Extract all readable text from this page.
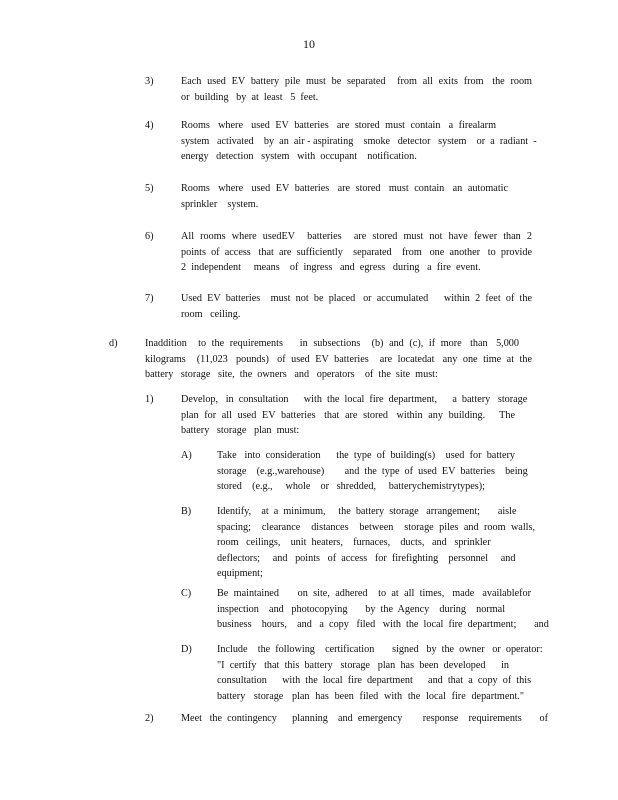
10
3)	Each  used  EV  battery  pile  must  be  separated    from  all  exits  from   the  room
or  building   by  at  least   5  feet.
4)	Rooms   where   used  EV  batteries   are  stored  must  contain   a  firealarm
system   activated    by  an  air - aspirating    smoke   detector   system    or  a  radiant  -
energy   detection   system   with  occupant    notification.
5)	Rooms   where   used  EV  batteries   are  stored   must  contain   an  automatic
sprinkler    system.
6)	All  rooms  where  usedEV    batteries    are  stored  must  not  have  fewer  than  2
points  of  access   that  are  sufficiently    separated    from   one  another   to  provide
2  independent     means    of  ingress   and  egress   during   a  fire  event.
7)	Used  EV  batteries    must  not  be  placed   or  accumulated      within  2  feet  of  the
room   ceiling.
d)	Inaddition    to  the  requirements      in  subsections    (b)  and  (c),  if  more   than   5,000
kilograms    (11,023   pounds)   of  used  EV  batteries    are  locatedat   any  one  time  at  the
battery   storage   site,  the  owners   and   operators    of  the  site  must:
1)	Develop,   in  consultation      with  the  local  fire  department,      a  battery   storage
plan  for  all  used  EV  batteries   that  are  stored   within  any  building.     The
battery   storage   plan  must:
A) Take   into  consideration      the  type  of  building(s)    used  for  battery
storage    (e.g.,warehouse)        and  the  type  of  used  EV  batteries    being
stored    (e.g.,     whole    or   shredded,     batterychemistrytypes);
B)	Identify,    at  a  minimum,     the  battery  storage   arrangement;       aisle
spacing;    clearance    distances    between    storage  piles  and  room  walls,
room   ceilings,    unit  heaters,    furnaces,    ducts,   and   sprinkler
deflectors;     and   points   of  access   for  firefighting    personnel     and
equipment;
C)	Be  maintained       on  site,  adhered    to  at  all  times,   made   availablefor
inspection    and   photocopying       by  the  Agency    during    normal
business    hours,    and   a  copy   filed   with  the  local  fire  department;       and
D) Include    the  following    certification       signed   by  the  owner   or  operator:
"I  certify   that  this  battery   storage   plan  has  been  developed      in
consultation      with  the  local  fire  department      and  that  a  copy  of  this
battery   storage   plan  has  been  filed  with  the  local  fire  department."
2)	Meet   the  contingency      planning    and  emergency        response    requirements       of
